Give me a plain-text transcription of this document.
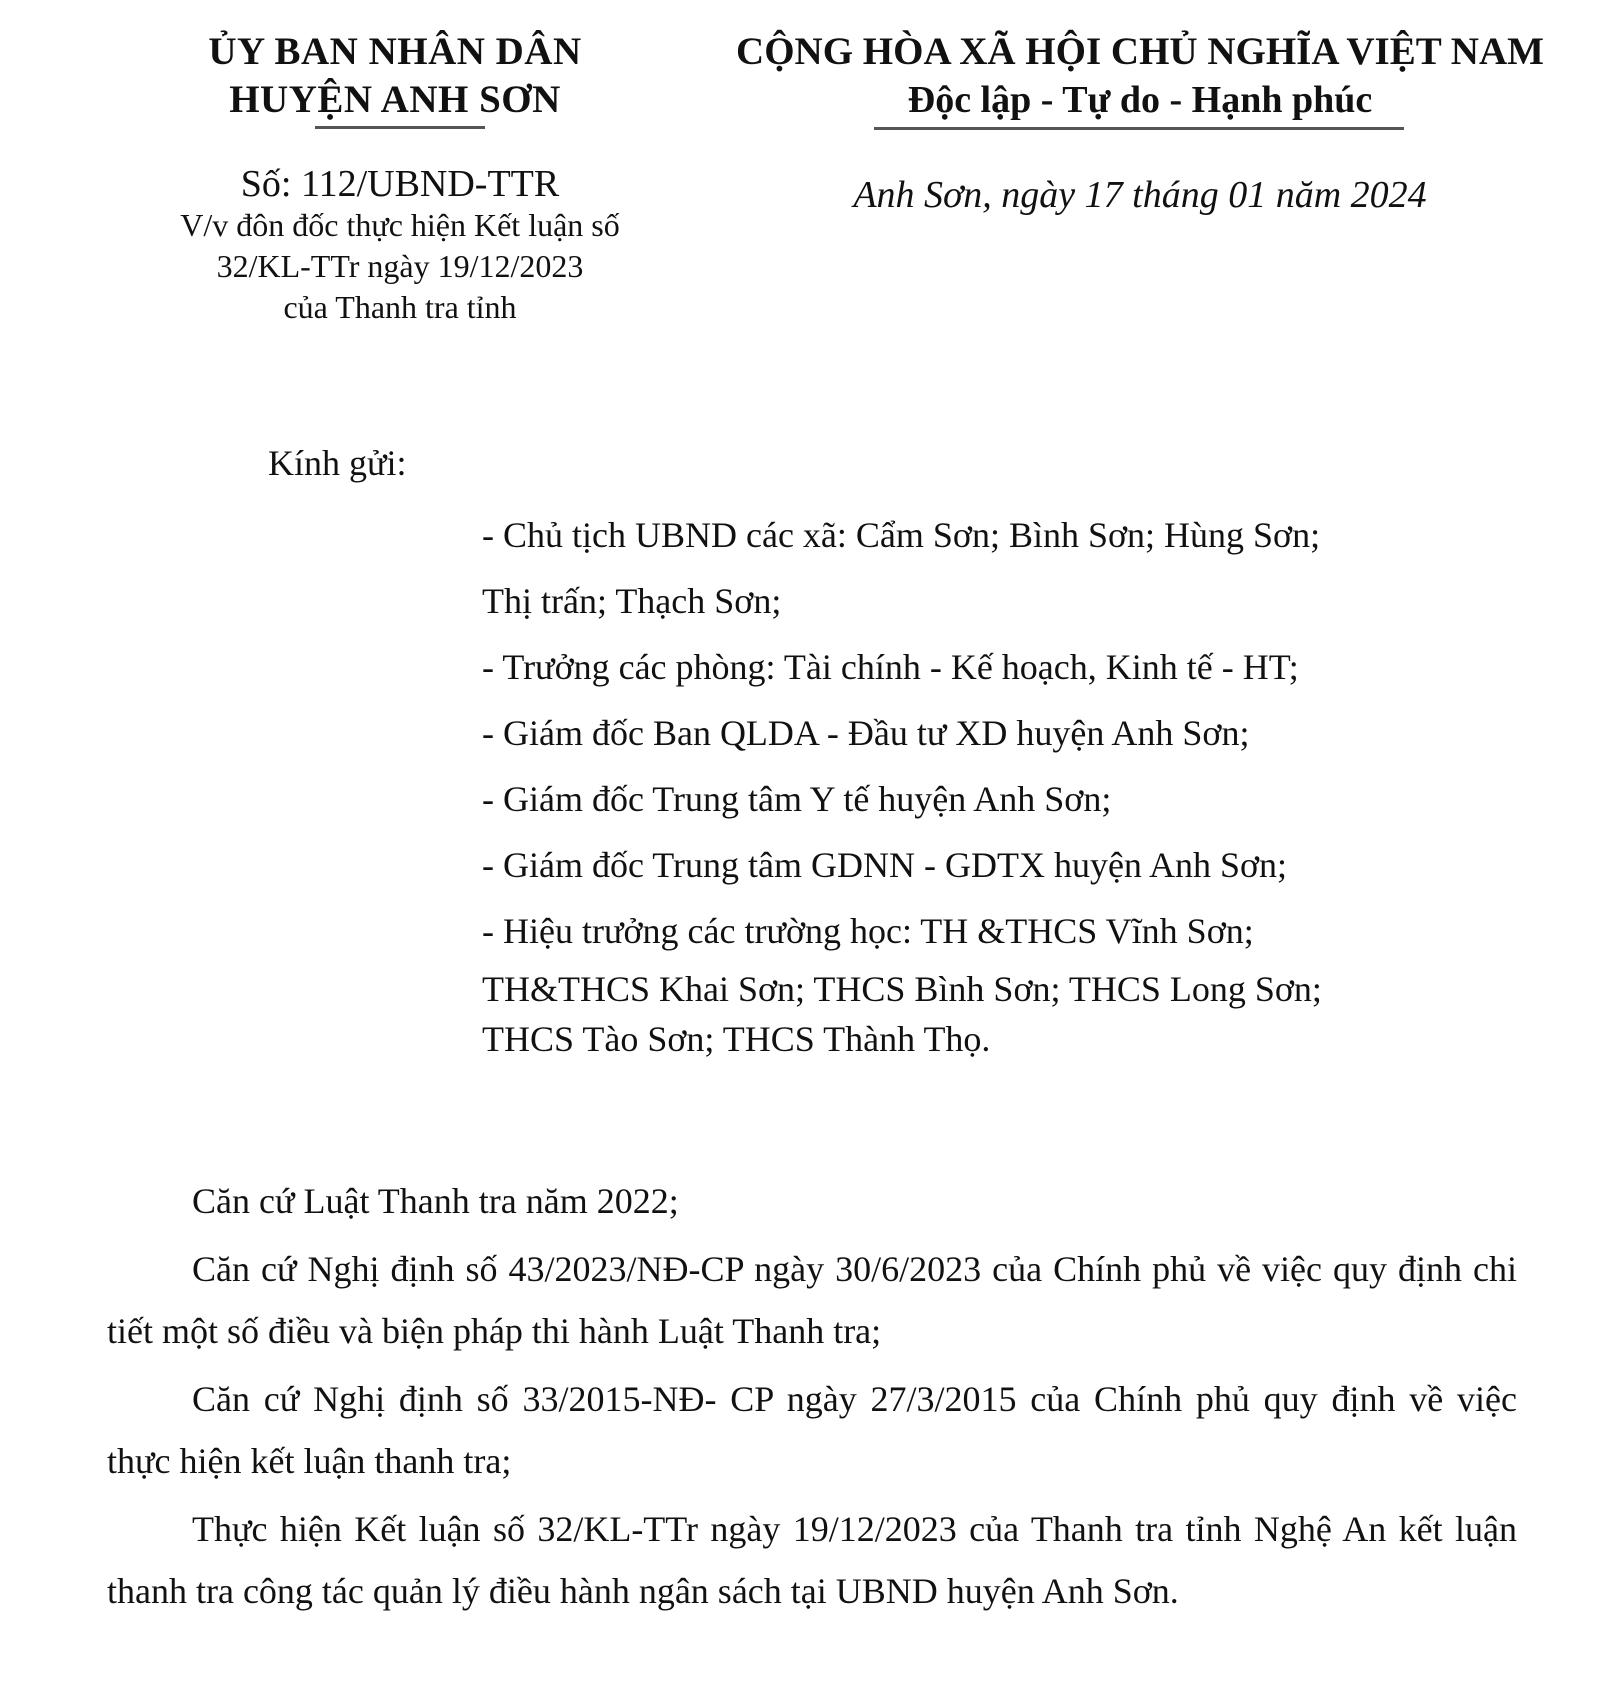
ỦY BAN NHÂN DÂN
HUYỆN ANH SƠN
CỘNG HÒA XÃ HỘI CHỦ NGHĨA VIỆT NAM
Độc lập - Tự do - Hạnh phúc
Số: 112/UBND-TTR
V/v đôn đốc thực hiện Kết luận số
32/KL-TTr ngày 19/12/2023
của Thanh tra tỉnh
Anh Sơn, ngày 17 tháng 01 năm 2024
Kính gửi:
- Chủ tịch UBND các xã: Cẩm Sơn; Bình Sơn; Hùng Sơn;
Thị trấn; Thạch Sơn;
- Trưởng các phòng: Tài chính - Kế hoạch, Kinh tế - HT;
- Giám đốc Ban QLDA - Đầu tư XD huyện Anh Sơn;
- Giám đốc Trung tâm Y tế huyện Anh Sơn;
- Giám đốc Trung tâm GDNN - GDTX huyện Anh Sơn;
- Hiệu trưởng các trường học: TH &THCS Vĩnh Sơn;
TH&THCS Khai Sơn; THCS Bình Sơn; THCS Long Sơn;
THCS Tào Sơn; THCS Thành Thọ.

Căn cứ Luật Thanh tra năm 2022;

Căn cứ Nghị định số 43/2023/NĐ-CP ngày 30/6/2023 của Chính phủ về việc quy định chi tiết một số điều và biện pháp thi hành Luật Thanh tra;

Căn cứ Nghị định số 33/2015-NĐ- CP ngày 27/3/2015 của Chính phủ quy định về việc thực hiện kết luận thanh tra;

Thực hiện Kết luận số 32/KL-TTr ngày 19/12/2023 của Thanh tra tỉnh Nghệ An kết luận thanh tra công tác quản lý điều hành ngân sách tại UBND huyện Anh Sơn.
